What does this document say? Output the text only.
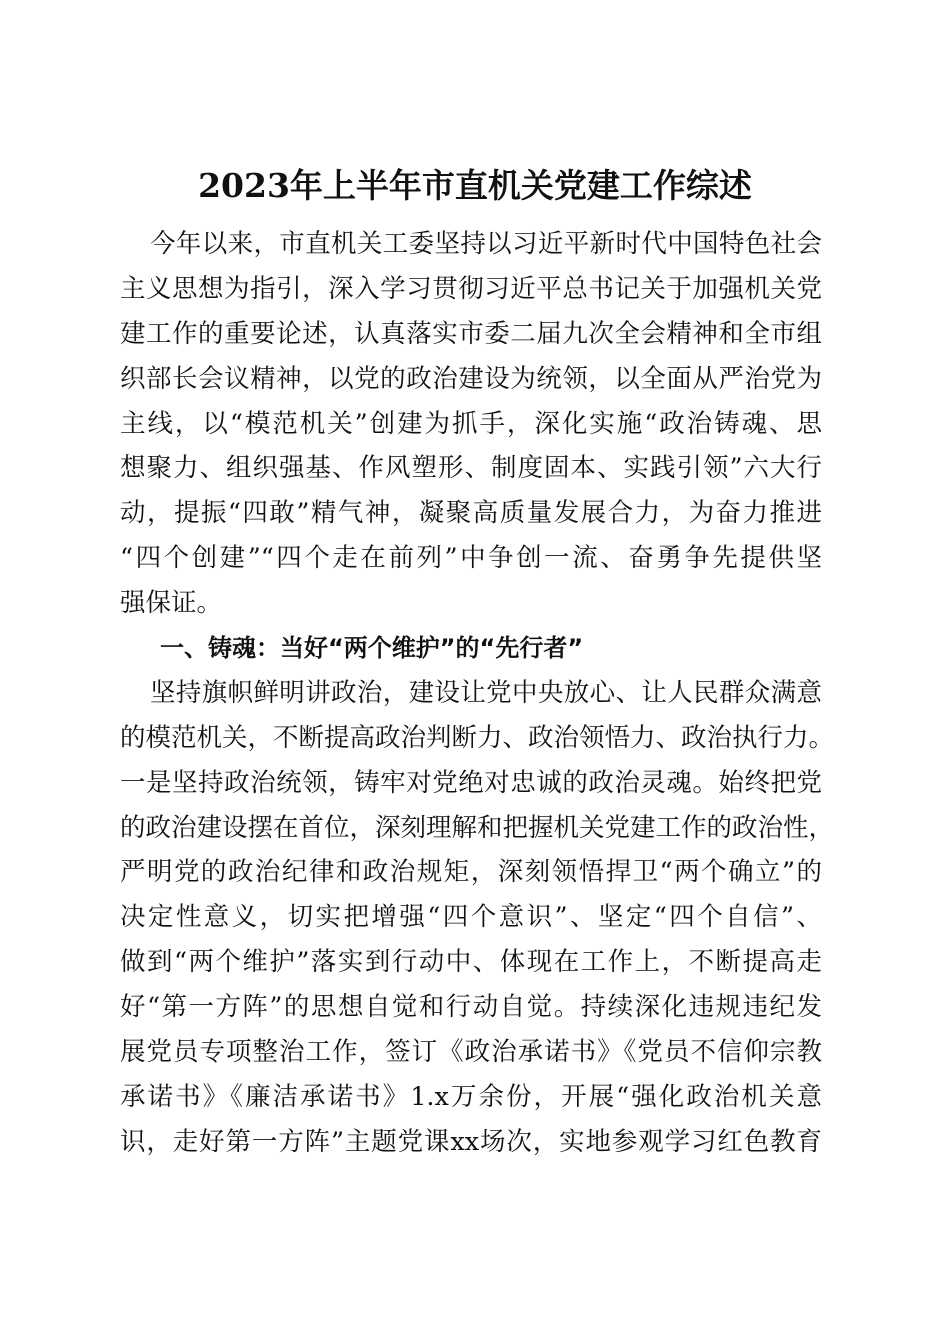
2023年上半年市直机关党建工作综述
今年以来，市直机关工委坚持以习近平新时代中国特色社会
主义思想为指引，深入学习贯彻习近平总书记关于加强机关党
建工作的重要论述，认真落实市委二届九次全会精神和全市组
织部长会议精神，以党的政治建设为统领，以全面从严治党为
主线，以“模范机关”创建为抓手，深化实施“政治铸魂、思
想聚力、组织强基、作风塑形、制度固本、实践引领”六大行
动，提振“四敢”精气神，凝聚高质量发展合力，为奋力推进
“四个创建”“四个走在前列”中争创一流、奋勇争先提供坚
强保证。
一、铸魂：当好“两个维护”的“先行者”
坚持旗帜鲜明讲政治，建设让党中央放心、让人民群众满意
的模范机关，不断提高政治判断力、政治领悟力、政治执行力。
一是坚持政治统领，铸牢对党绝对忠诚的政治灵魂。始终把党
的政治建设摆在首位，深刻理解和把握机关党建工作的政治性，
严明党的政治纪律和政治规矩，深刻领悟捍卫“两个确立”的
决定性意义，切实把增强“四个意识”、坚定“四个自信”、
做到“两个维护”落实到行动中、体现在工作上，不断提高走
好“第一方阵”的思想自觉和行动自觉。持续深化违规违纪发
展党员专项整治工作，签订《政治承诺书》《党员不信仰宗教
承诺书》《廉洁承诺书》1.x万余份，开展“强化政治机关意
识，走好第一方阵”主题党课xx场次，实地参观学习红色教育
